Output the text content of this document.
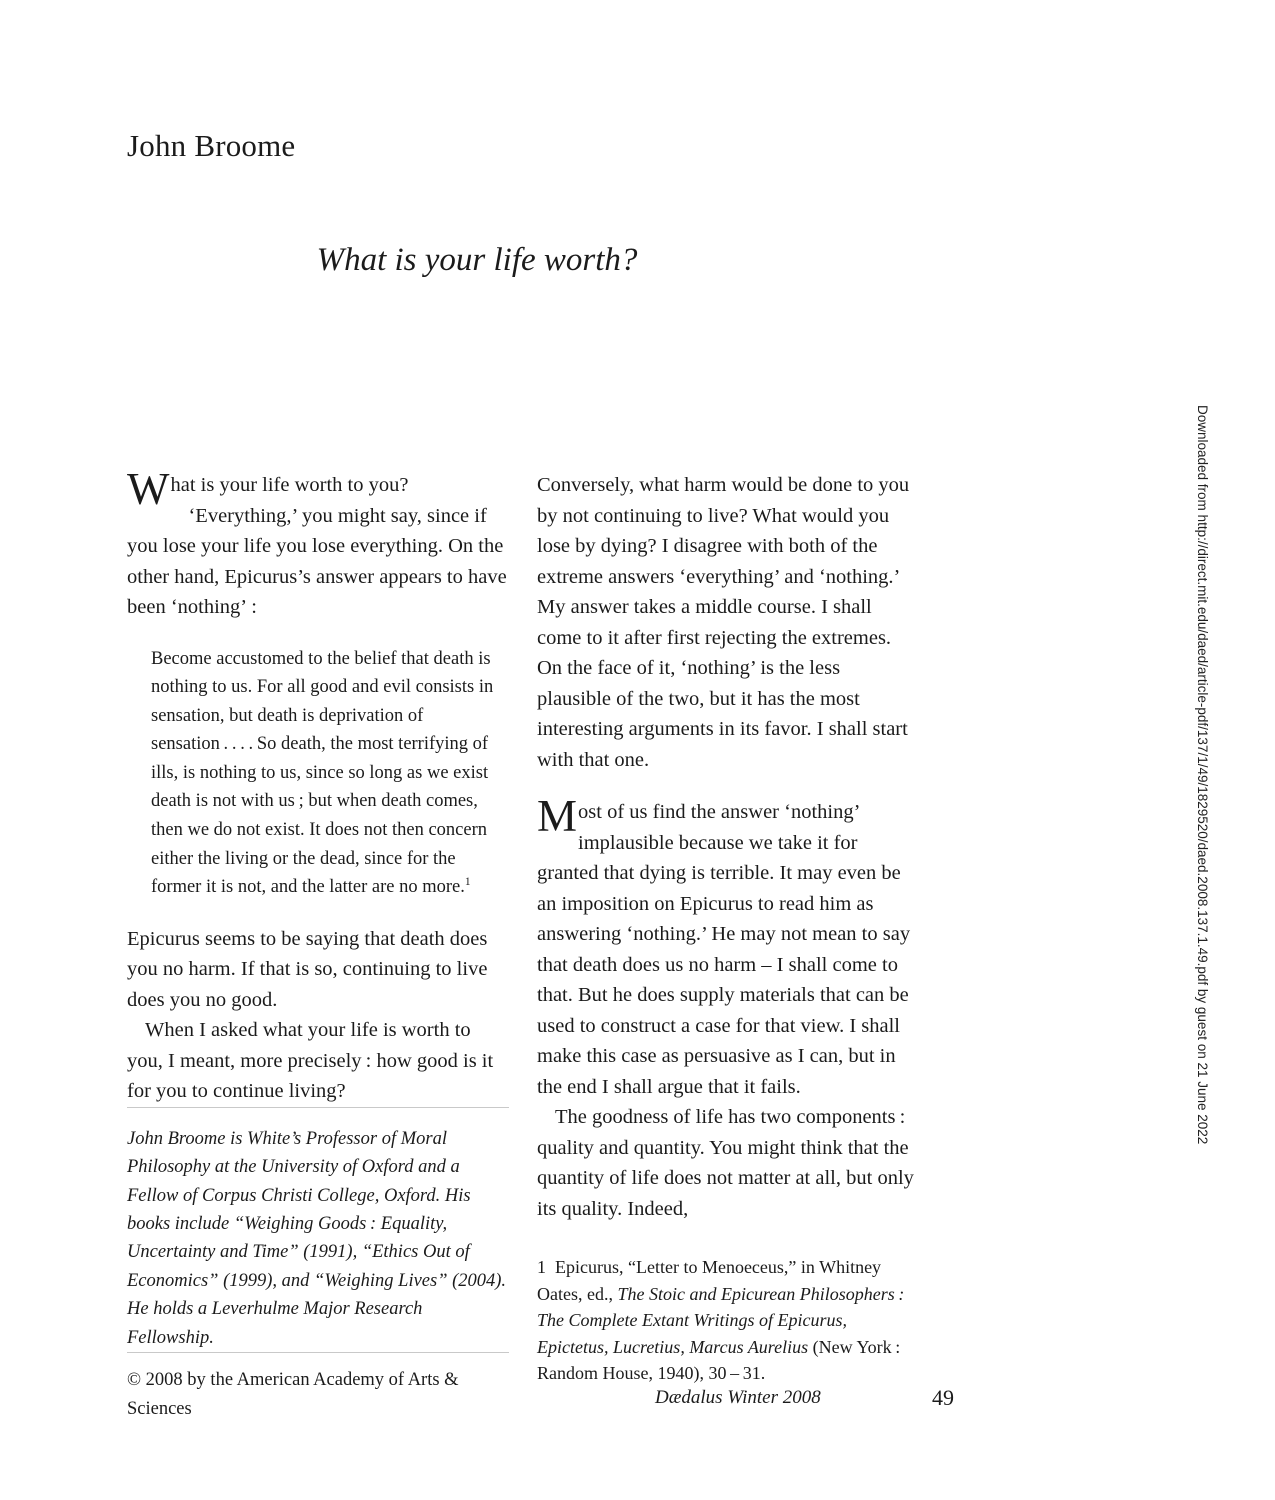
John Broome
What is your life worth?

What is your life worth to you?

‘Everything,’ you might say, since if you lose your life you lose everything. On the other hand, Epicurus’s answer appears to have been ‘nothing’ :

Become accustomed to the belief that death is nothing to us. For all good and evil consists in sensation, but death is deprivation of sensation . . . . So death, the most terrifying of ills, is nothing to us, since so long as we exist death is not with us ; but when death comes, then we do not exist. It does not then concern either the living or the dead, since for the former it is not, and the latter are no more.$^1$

Epicurus seems to be saying that death does you no harm. If that is so, continuing to live does you no good.

When I asked what your life is worth to you, I meant, more precisely : how good is it for you to continue living?

John Broome is White’s Professor of Moral Philosophy at the University of Oxford and a Fellow of Corpus Christi College, Oxford. His books include “Weighing Goods : Equality, Uncertainty and Time” (1991), “Ethics Out of Economics” (1999), and “Weighing Lives” (2004). He holds a Leverhulme Major Research Fellowship.

© 2008 by the American Academy of Arts & Sciences

Conversely, what harm would be done to you by not continuing to live? What would you lose by dying? I disagree with both of the extreme answers ‘everything’ and ‘nothing.’ My answer takes a middle course. I shall come to it after first rejecting the extremes. On the face of it, ‘nothing’ is the less plausible of the two, but it has the most interesting arguments in its favor. I shall start with that one.

Most of us find the answer ‘nothing’ implausible because we take it for granted that dying is terrible. It may even be an imposition on Epicurus to read him as answering ‘nothing.’ He may not mean to say that death does us no harm – I shall come to that. But he does supply materials that can be used to construct a case for that view. I shall make this case as persuasive as I can, but in the end I shall argue that it fails.

The goodness of life has two components : quality and quantity. You might think that the quantity of life does not matter at all, but only its quality. Indeed,

1 Epicurus, “Letter to Menoeceus,” in Whitney Oates, ed., The Stoic and Epicurean Philosophers : The Complete Extant Writings of Epicurus, Epictetus, Lucretius, Marcus Aurelius (New York : Random House, 1940), 30 – 31.

Dædalus Winter 2008	49
Downloaded from http://direct.mit.edu/daed/article-pdf/137/1/49/1829520/daed.2008.137.1.49.pdf by guest on 21 June 2022
